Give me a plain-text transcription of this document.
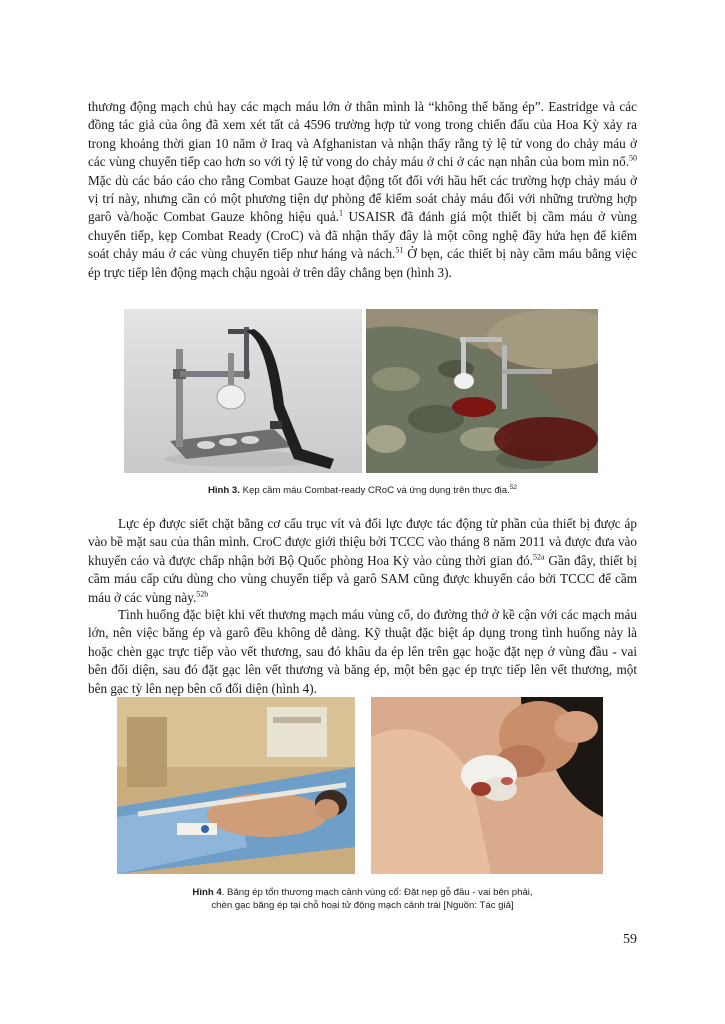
thương động mạch chủ hay các mạch máu lớn ở thân mình là “không thể băng ép”. Eastridge và các đồng tác giả của ông đã xem xét tất cả 4596 trường hợp tử vong trong chiến đấu của Hoa Kỳ xảy ra trong khoảng thời gian 10 năm ở Iraq và Afghanistan và nhận thấy rằng tỷ lệ tử vong do chảy máu ở các vùng chuyển tiếp cao hơn so với tỷ lệ tử vong do chảy máu ở chi ở các nạn nhân của bom mìn nổ.$^{50}$ Mặc dù các báo cáo cho rằng Combat Gauze hoạt động tốt đối với hầu hết các trường hợp chảy máu ở vị trí này, nhưng cần có một phương tiện dự phòng để kiểm soát chảy máu đối với những trường hợp garô và/hoặc Combat Gauze không hiệu quả.$^1$ USAISR đã đánh giá một thiết bị cầm máu ở vùng chuyển tiếp, kẹp Combat Ready (CroC) và đã nhận thấy đây là một công nghệ đầy hứa hẹn để kiểm soát chảy máu ở các vùng chuyển tiếp như háng và nách.$^{51}$ Ở bẹn, các thiết bị này cầm máu bằng việc ép trực tiếp lên động mạch chậu ngoài ở trên dây chằng bẹn (hình 3).

Hình 3. Kẹp cầm máu Combat-ready CRoC và ứng dụng trên thực địa.$^{52}$

Lực ép được siết chặt bằng cơ cấu trục vít và đối lực được tác động từ phần của thiết bị được áp vào bề mặt sau của thân mình. CroC được giới thiệu bởi TCCC vào tháng 8 năm 2011 và được đưa vào khuyến cáo và được chấp nhận bởi Bộ Quốc phòng Hoa Kỳ vào cùng thời gian đó.$^{52a}$ Gần đây, thiết bị cầm máu cấp cứu dùng cho vùng chuyển tiếp và garô SAM cũng được khuyến cáo bởi TCCC để cầm máu ở các vùng này.$^{52b}$

Tình huống đặc biệt khi vết thương mạch máu vùng cổ, do đường thở ở kề cận với các mạch máu lớn, nên việc băng ép và garô đều không dễ dàng. Kỹ thuật đặc biệt áp dụng trong tình huống này là hoặc chèn gạc trực tiếp vào vết thương, sau đó khâu da ép lên trên gạc hoặc đặt nẹp ở vùng đầu - vai bên đối diện, sau đó đặt gạc lên vết thương và băng ép, một bên gạc ép trực tiếp lên vết thương, một bên gạc tỳ lên nẹp bên cổ đối diện (hình 4).

Hình 4. Băng ép tổn thương mạch cảnh vùng cổ: Đặt nẹp gỗ đầu - vai bên phải,
chèn gạc băng ép tại chỗ hoại tử động mạch cảnh trái [Nguồn: Tác giả]
59
